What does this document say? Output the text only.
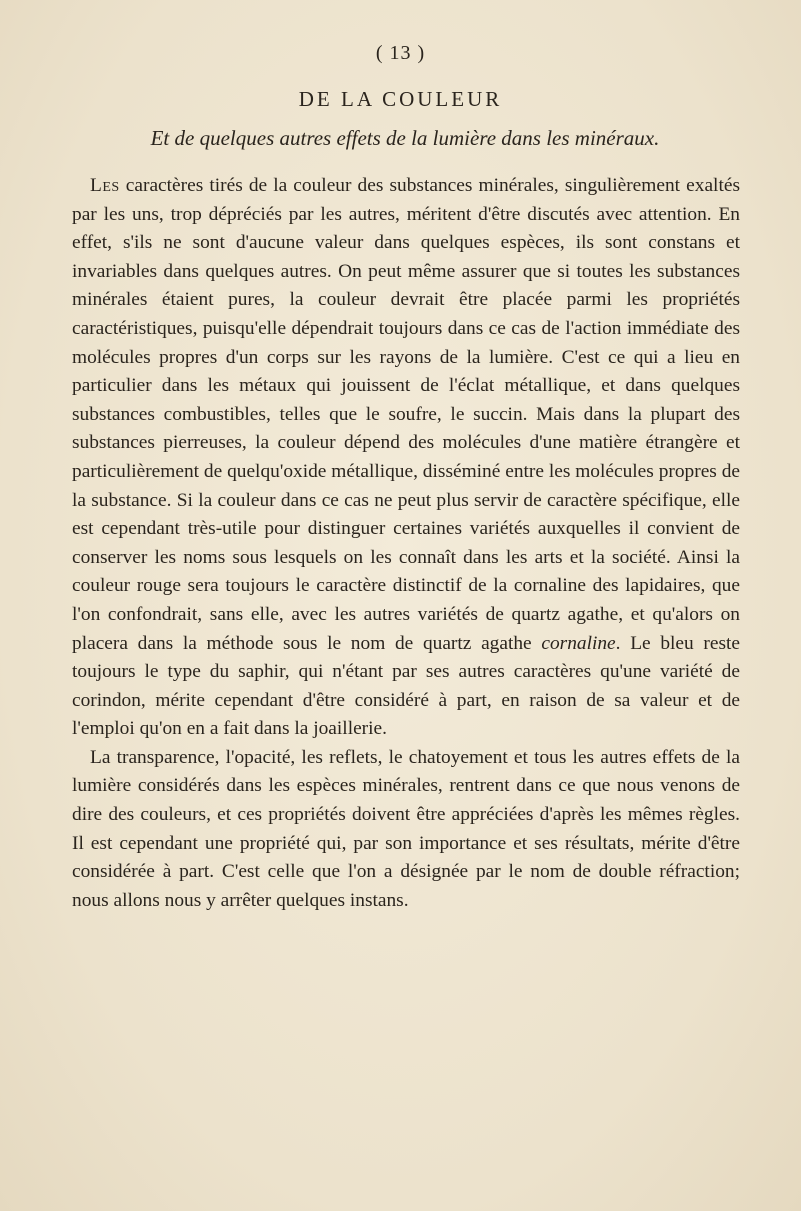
( 13 )
DE LA COULEUR
Et de quelques autres effets de la lumière dans les minéraux.

Les caractères tirés de la couleur des substances minérales, singulièrement exaltés par les uns, trop dépréciés par les autres, méritent d'être discutés avec attention. En effet, s'ils ne sont d'aucune valeur dans quelques espèces, ils sont constans et invariables dans quelques autres. On peut même assurer que si toutes les substances minérales étaient pures, la couleur devrait être placée parmi les propriétés caractéristiques, puisqu'elle dépendrait toujours dans ce cas de l'action immédiate des molécules propres d'un corps sur les rayons de la lumière. C'est ce qui a lieu en particulier dans les métaux qui jouissent de l'éclat métallique, et dans quelques substances combustibles, telles que le soufre, le succin. Mais dans la plupart des substances pierreuses, la couleur dépend des molécules d'une matière étrangère et particulièrement de quelqu'oxide métallique, disséminé entre les molécules propres de la substance. Si la couleur dans ce cas ne peut plus servir de caractère spécifique, elle est cependant très-utile pour distinguer certaines variétés auxquelles il convient de conserver les noms sous lesquels on les connaît dans les arts et la société. Ainsi la couleur rouge sera toujours le caractère distinctif de la cornaline des lapidaires, que l'on confondrait, sans elle, avec les autres variétés de quartz agathe, et qu'alors on placera dans la méthode sous le nom de quartz agathe cornaline. Le bleu reste toujours le type du saphir, qui n'étant par ses autres caractères qu'une variété de corindon, mérite cependant d'être considéré à part, en raison de sa valeur et de l'emploi qu'on en a fait dans la joaillerie.

La transparence, l'opacité, les reflets, le chatoyement et tous les autres effets de la lumière considérés dans les espèces minérales, rentrent dans ce que nous venons de dire des couleurs, et ces propriétés doivent être appréciées d'après les mêmes règles. Il est cependant une propriété qui, par son importance et ses résultats, mérite d'être considérée à part. C'est celle que l'on a désignée par le nom de double réfraction; nous allons nous y arrêter quelques instans.
